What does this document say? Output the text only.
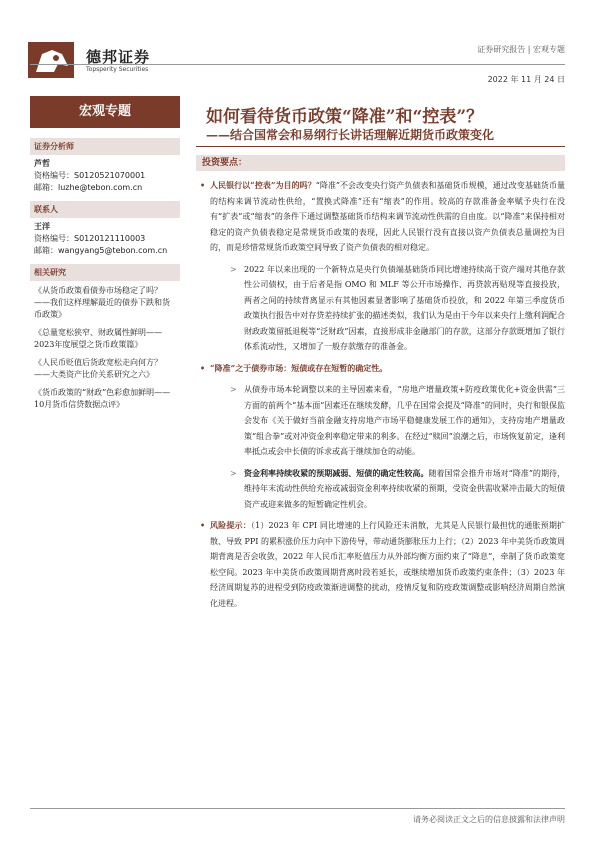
德邦证券
Topsperity Securities
证券研究报告 | 宏观专题
2022 年 11 月 24 日
宏观专题
证券分析师
芦哲
资格编号：S0120521070001
邮箱：luzhe@tebon.com.cn
联系人
王洋
资格编号：S0120121110003
邮箱：wangyang5@tebon.com.cn
相关研究
《从货币政策看债券市场稳定了吗？——我们这样理解最近的债券下跌和货币政策》
《总量宽松狭窄、财政属性鲜明——2023年度展望之货币政策篇》
《人民币贬值后货政宽松走向何方？——大类资产比价关系研究之六》
《货币政策的“财政”色彩愈加鲜明——10月货币信贷数据点评》
如何看待货币政策“降准”和“控表”？
——结合国常会和易纲行长讲话理解近期货币政策变化
投资要点：
• 人民银行以“控表”为目的吗？“降准”不会改变央行资产负债表和基础货币规模，通过改变基础货币量的结构来调节流动性供给，“置换式降准”还有“缩表”的作用。较高的存款准备金率赋予央行在没有“扩表”或“缩表”的条件下通过调整基础货币结构来调节流动性供需的自由度。以“降准”来保持相对稳定的资产负债表稳定是常规货币政策的表现，因此人民银行没有直接以资产负债表总量调控为目的，而是珍惜常规货币政策空间导致了资产负债表的相对稳定。
> 2022 年以来出现的一个新特点是央行负债端基础货币同比增速持续高于资产端对其他存款性公司债权，由于后者是指 OMO 和 MLF 等公开市场操作、再贷款再贴现等直接投放，两者之间的持续背离显示有其他因素显著影响了基础货币投放，和 2022 年第三季度货币政策执行报告中对存贷差持续扩张的描述类似，我们认为是由于今年以来央行上缴利润配合财政政策留抵退税等“泛财政”因素，直接形成非金融部门的存款，这部分存款既增加了银行体系流动性，又增加了一般存款缴存的准备金。
• “降准”之于债券市场：短债或存在短暂的确定性。
> 从债券市场本轮调整以来的主导因素来看，“房地产增量政策+防疫政策优化+资金供需”三方面的前两个“基本面”因素还在继续发酵，几乎在国常会提及“降准”的同时，央行和银保监会发布《关于做好当前金融支持房地产市场平稳健康发展工作的通知》，支持房地产增量政策“组合拳”或对冲资金利率稳定带来的利多。在经过“赎回”浪潮之后，市场恢复前定，逢利率抵点或会中长债的诉求或高于继续加仓的动能。
> 资金利率持续收紧的预期减弱、短债的确定性较高。随着国常会推升市场对“降准”的期待，维持年末流动性供给充裕或减弱资金利率持续收紧的预期，受资金供需收紧冲击最大的短债资产或迎来做多的短暂确定性机会。
• 风险提示：（1）2023 年 CPI 同比增速的上行风险还未消散，尤其是人民银行最担忧的通胀预期扩散、导致 PPI 的累积涨价压力向中下游传导，带动通货膨胀压力上行；（2）2023 年中美货币政策周期背离是否会收敛，2022 年人民币汇率贬值压力从外部均衡方面约束了“降息”，牵制了货币政策宽松空间。2023 年中美货币政策周期背离时段若延长，或继续增加货币政策约束条件；（3）2023 年经济周期复苏的进程受到防疫政策渐进调整的扰动，疫情反复和防疫政策调整或影响经济周期自然演化进程。
请务必阅读正文之后的信息披露和法律声明
